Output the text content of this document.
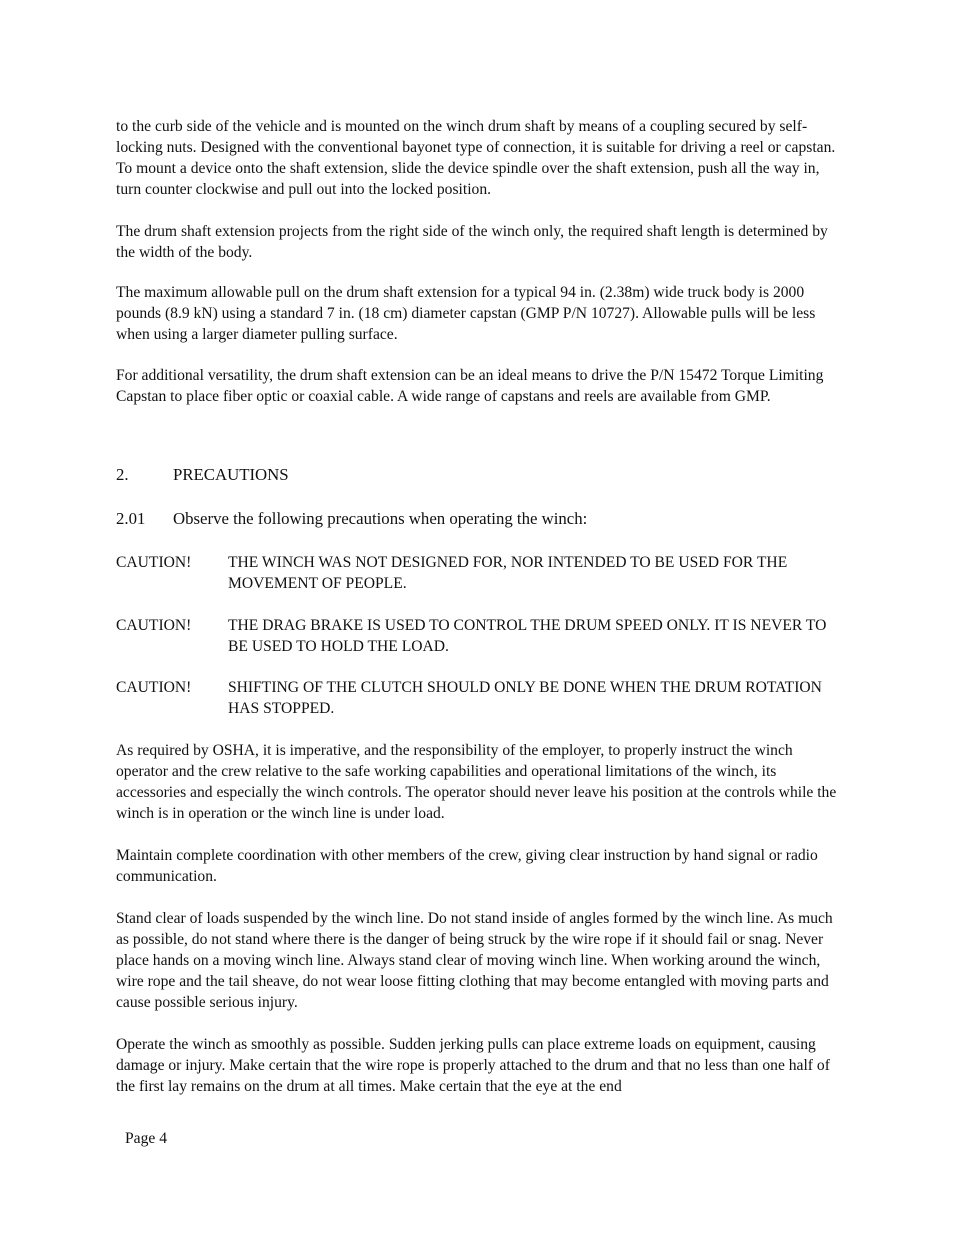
to the curb side of the vehicle and is mounted on the winch drum shaft by means of a coupling secured by self-locking nuts. Designed with the conventional bayonet type of connection, it is suitable for driving a reel or capstan. To mount a device onto the shaft extension, slide the device spindle over the shaft extension, push all the way in, turn counter clockwise and pull out into the locked position.

The drum shaft extension projects from the right side of the winch only, the required shaft length is determined by the width of the body.

The maximum allowable pull on the drum shaft extension for a typical 94 in. (2.38m) wide truck body is 2000 pounds (8.9 kN) using a standard 7 in. (18 cm) diameter capstan (GMP P/N 10727). Allowable pulls will be less when using a larger diameter pulling surface.

For additional versatility, the drum shaft extension can be an ideal means to drive the P/N 15472 Torque Limiting Capstan to place fiber optic or coaxial cable. A wide range of capstans and reels are available from GMP.

2.	PRECAUTIONS
2.01 Observe the following precautions when operating the winch:
CAUTION! THE WINCH WAS NOT DESIGNED FOR, NOR INTENDED TO BE USED FOR THE MOVEMENT OF PEOPLE.
CAUTION! THE DRAG BRAKE IS USED TO CONTROL THE DRUM SPEED ONLY. IT IS NEVER TO BE USED TO HOLD THE LOAD.
CAUTION! SHIFTING OF THE CLUTCH SHOULD ONLY BE DONE WHEN THE DRUM ROTATION HAS STOPPED.

As required by OSHA, it is imperative, and the responsibility of the employer, to properly instruct the winch operator and the crew relative to the safe working capabilities and operational limitations of the winch, its accessories and especially the winch controls. The operator should never leave his position at the controls while the winch is in operation or the winch line is under load.

Maintain complete coordination with other members of the crew, giving clear instruction by hand signal or radio communication.

Stand clear of loads suspended by the winch line. Do not stand inside of angles formed by the winch line. As much as possible, do not stand where there is the danger of being struck by the wire rope if it should fail or snag. Never place hands on a moving winch line. Always stand clear of moving winch line. When working around the winch, wire rope and the tail sheave, do not wear loose fitting clothing that may become entangled with moving parts and cause possible serious injury.

Operate the winch as smoothly as possible. Sudden jerking pulls can place extreme loads on equipment, causing damage or injury. Make certain that the wire rope is properly attached to the drum and that no less than one half of the first lay remains on the drum at all times. Make certain that the eye at the end

Page 4
